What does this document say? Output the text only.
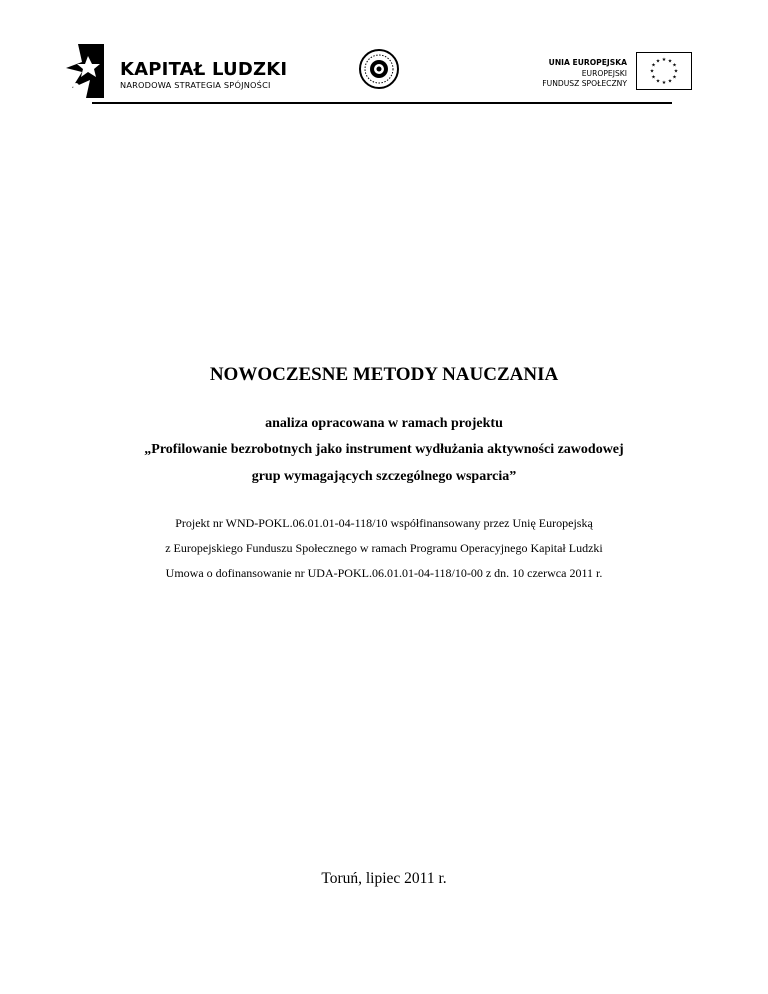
KAPITAŁ LUDZKI
NARODOWA STRATEGIA SPÓJNOŚCI
UNIA EUROPEJSKA
EUROPEJSKI
FUNDUSZ SPOŁECZNY
★ ★
★
★
★
★
★
★
★
★
★
★
NOWOCZESNE METODY NAUCZANIA
analiza opracowana w ramach projektu
„Profilowanie bezrobotnych jako instrument wydłużania aktywności zawodowej
grup wymagających szczególnego wsparcia”
Projekt nr WND-POKL.06.01.01-04-118/10 współfinansowany przez Unię Europejską
z Europejskiego Funduszu Społecznego w ramach Programu Operacyjnego Kapitał Ludzki
Umowa o dofinansowanie nr UDA-POKL.06.01.01-04-118/10-00 z dn. 10 czerwca 2011 r.
Toruń, lipiec 2011 r.
